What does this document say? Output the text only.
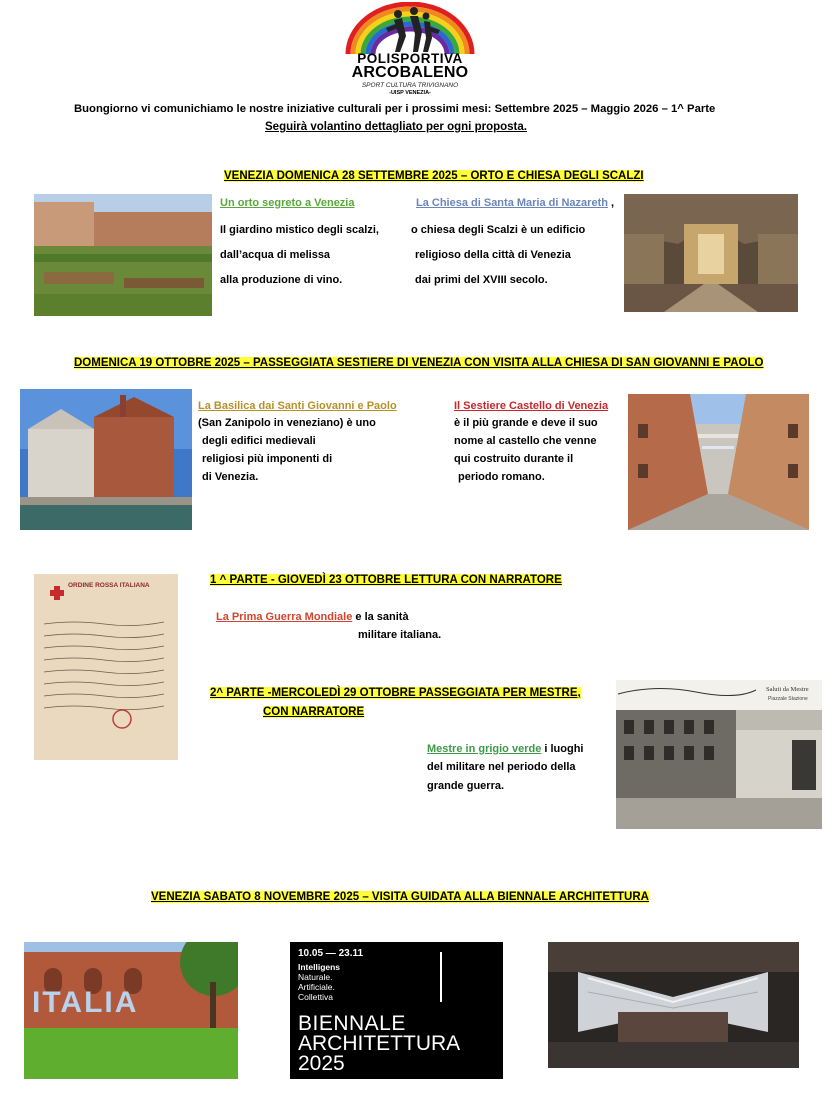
POLISPORTIVA
ARCOBALENO
SPORT CULTURA TRIVIGNANO
-UISP VENEZIA-
Buongiorno vi comunichiamo le nostre iniziative culturali per i prossimi mesi: Settembre 2025 – Maggio 2026 – 1^ Parte
Seguirà volantino dettagliato per ogni proposta.
VENEZIA DOMENICA 28 SETTEMBRE 2025 – ORTO E CHIESA DEGLI SCALZI
Un orto segreto a Venezia
Il giardino mistico degli scalzi,
dall’acqua di melissa
alla produzione di vino.
La Chiesa di Santa Maria di Nazareth ,
o chiesa degli Scalzi è un edificio
religioso della città di Venezia
dai primi del XVIII secolo.
DOMENICA 19 OTTOBRE 2025 – PASSEGGIATA SESTIERE DI VENEZIA CON VISITA ALLA CHIESA DI SAN GIOVANNI E PAOLO
La Basilica dai Santi Giovanni e Paolo
(San Zanipolo in veneziano) è uno
degli edifici medievali
religiosi più imponenti di
di Venezia.
Il Sestiere Castello di Venezia
è il più grande e deve il suo
nome al castello che venne
qui costruito durante il
periodo romano.
ORDINE ROSSA ITALIANA	1 ^ PARTE - GIOVEDÌ 23 OTTOBRE LETTURA CON NARRATORE
La Prima Guerra Mondiale e la sanità
militare italiana.
2^ PARTE -MERCOLEDÌ 29 OTTOBRE PASSEGGIATA PER MESTRE,
CON NARRATORE
Mestre in grigio verde i luoghi
del militare nel periodo della
grande guerra.
Saluti da Mestre
Piazzale Stazione
VENEZIA SABATO 8 NOVEMBRE 2025 – VISITA GUIDATA ALLA BIENNALE ARCHITETTURA
ITALIA
10.05 — 23.11
Intelligens
Naturale.
Artificiale.
Collettiva
BIENNALE
ARCHITETTURA
2025
